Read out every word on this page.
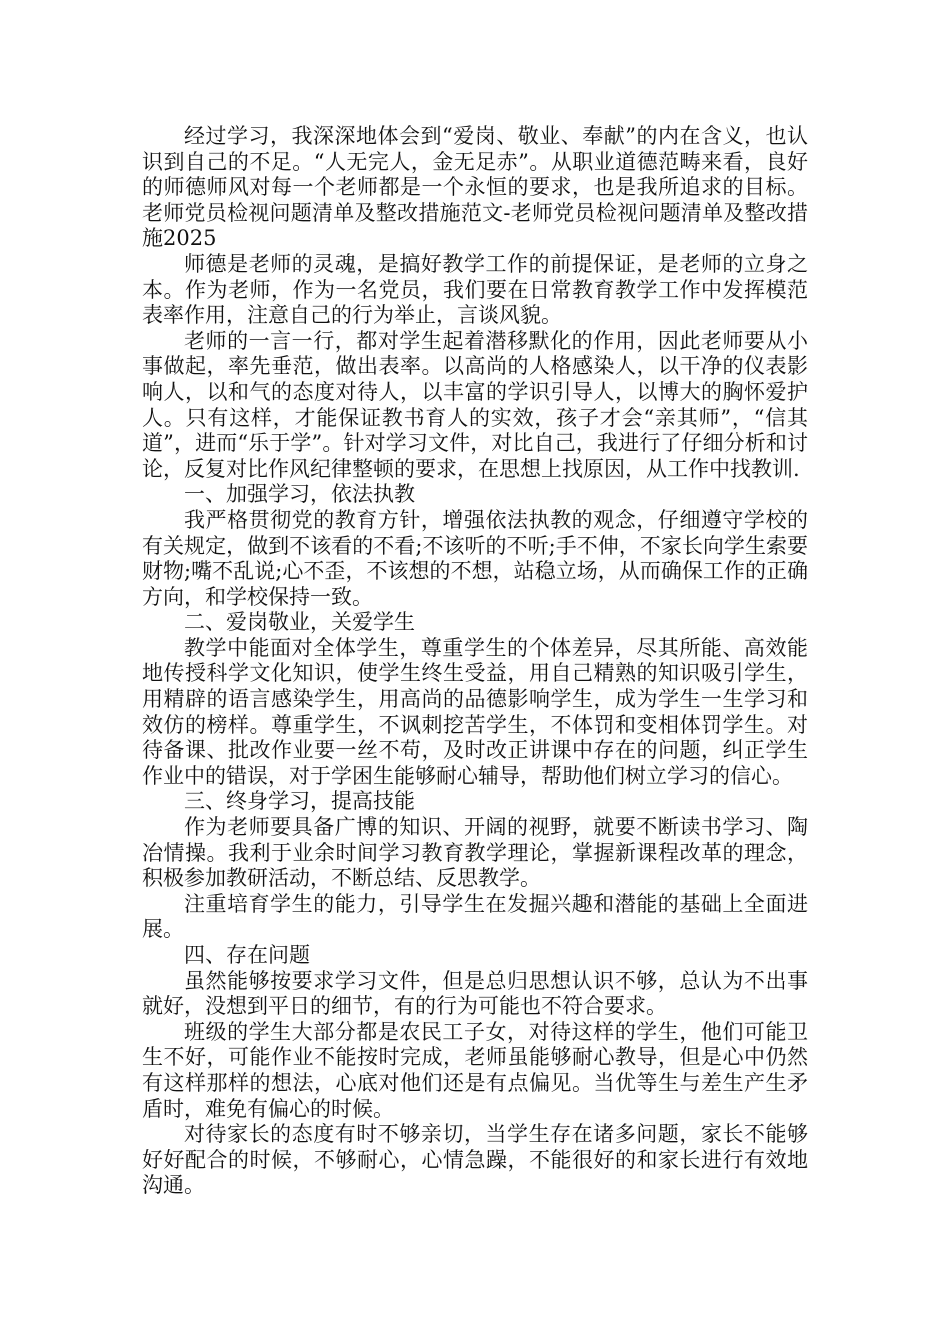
经过学习，我深深地体会到“爱岗、敬业、奉献”的内在含义，也认识到自己的不足。“人无完人，金无足赤”。从职业道德范畴来看，良好的师德师风对每一个老师都是一个永恒的要求，也是我所追求的目标。老师党员检视问题清单及整改措施范文-老师党员检视问题清单及整改措施2025

师德是老师的灵魂，是搞好教学工作的前提保证，是老师的立身之本。作为老师，作为一名党员，我们要在日常教育教学工作中发挥模范表率作用，注意自己的行为举止，言谈风貌。

老师的一言一行，都对学生起着潜移默化的作用，因此老师要从小事做起，率先垂范，做出表率。以高尚的人格感染人，以干净的仪表影响人，以和气的态度对待人，以丰富的学识引导人，以博大的胸怀爱护人。只有这样，才能保证教书育人的实效，孩子才会“亲其师”，“信其道”，进而“乐于学”。针对学习文件，对比自己，我进行了仔细分析和讨论，反复对比作风纪律整顿的要求，在思想上找原因，从工作中找教训.

一、加强学习，依法执教

我严格贯彻党的教育方针，增强依法执教的观念，仔细遵守学校的有关规定，做到不该看的不看;不该听的不听;手不伸，不家长向学生索要财物;嘴不乱说;心不歪，不该想的不想，站稳立场，从而确保工作的正确方向，和学校保持一致。

二、爱岗敬业，关爱学生

教学中能面对全体学生，尊重学生的个体差异，尽其所能、高效能地传授科学文化知识，使学生终生受益，用自己精熟的知识吸引学生，用精辟的语言感染学生，用高尚的品德影响学生，成为学生一生学习和效仿的榜样。尊重学生，不讽刺挖苦学生，不体罚和变相体罚学生。对待备课、批改作业要一丝不苟，及时改正讲课中存在的问题，纠正学生作业中的错误，对于学困生能够耐心辅导，帮助他们树立学习的信心。

三、终身学习，提高技能

作为老师要具备广博的知识、开阔的视野，就要不断读书学习、陶冶情操。我利于业余时间学习教育教学理论，掌握新课程改革的理念，积极参加教研活动，不断总结、反思教学。

注重培育学生的能力，引导学生在发掘兴趣和潜能的基础上全面进展。

四、存在问题

虽然能够按要求学习文件，但是总归思想认识不够，总认为不出事就好，没想到平日的细节，有的行为可能也不符合要求。

班级的学生大部分都是农民工子女，对待这样的学生，他们可能卫生不好，可能作业不能按时完成，老师虽能够耐心教导，但是心中仍然有这样那样的想法，心底对他们还是有点偏见。当优等生与差生产生矛盾时，难免有偏心的时候。

对待家长的态度有时不够亲切，当学生存在诸多问题，家长不能够好好配合的时候，不够耐心，心情急躁，不能很好的和家长进行有效地沟通。
